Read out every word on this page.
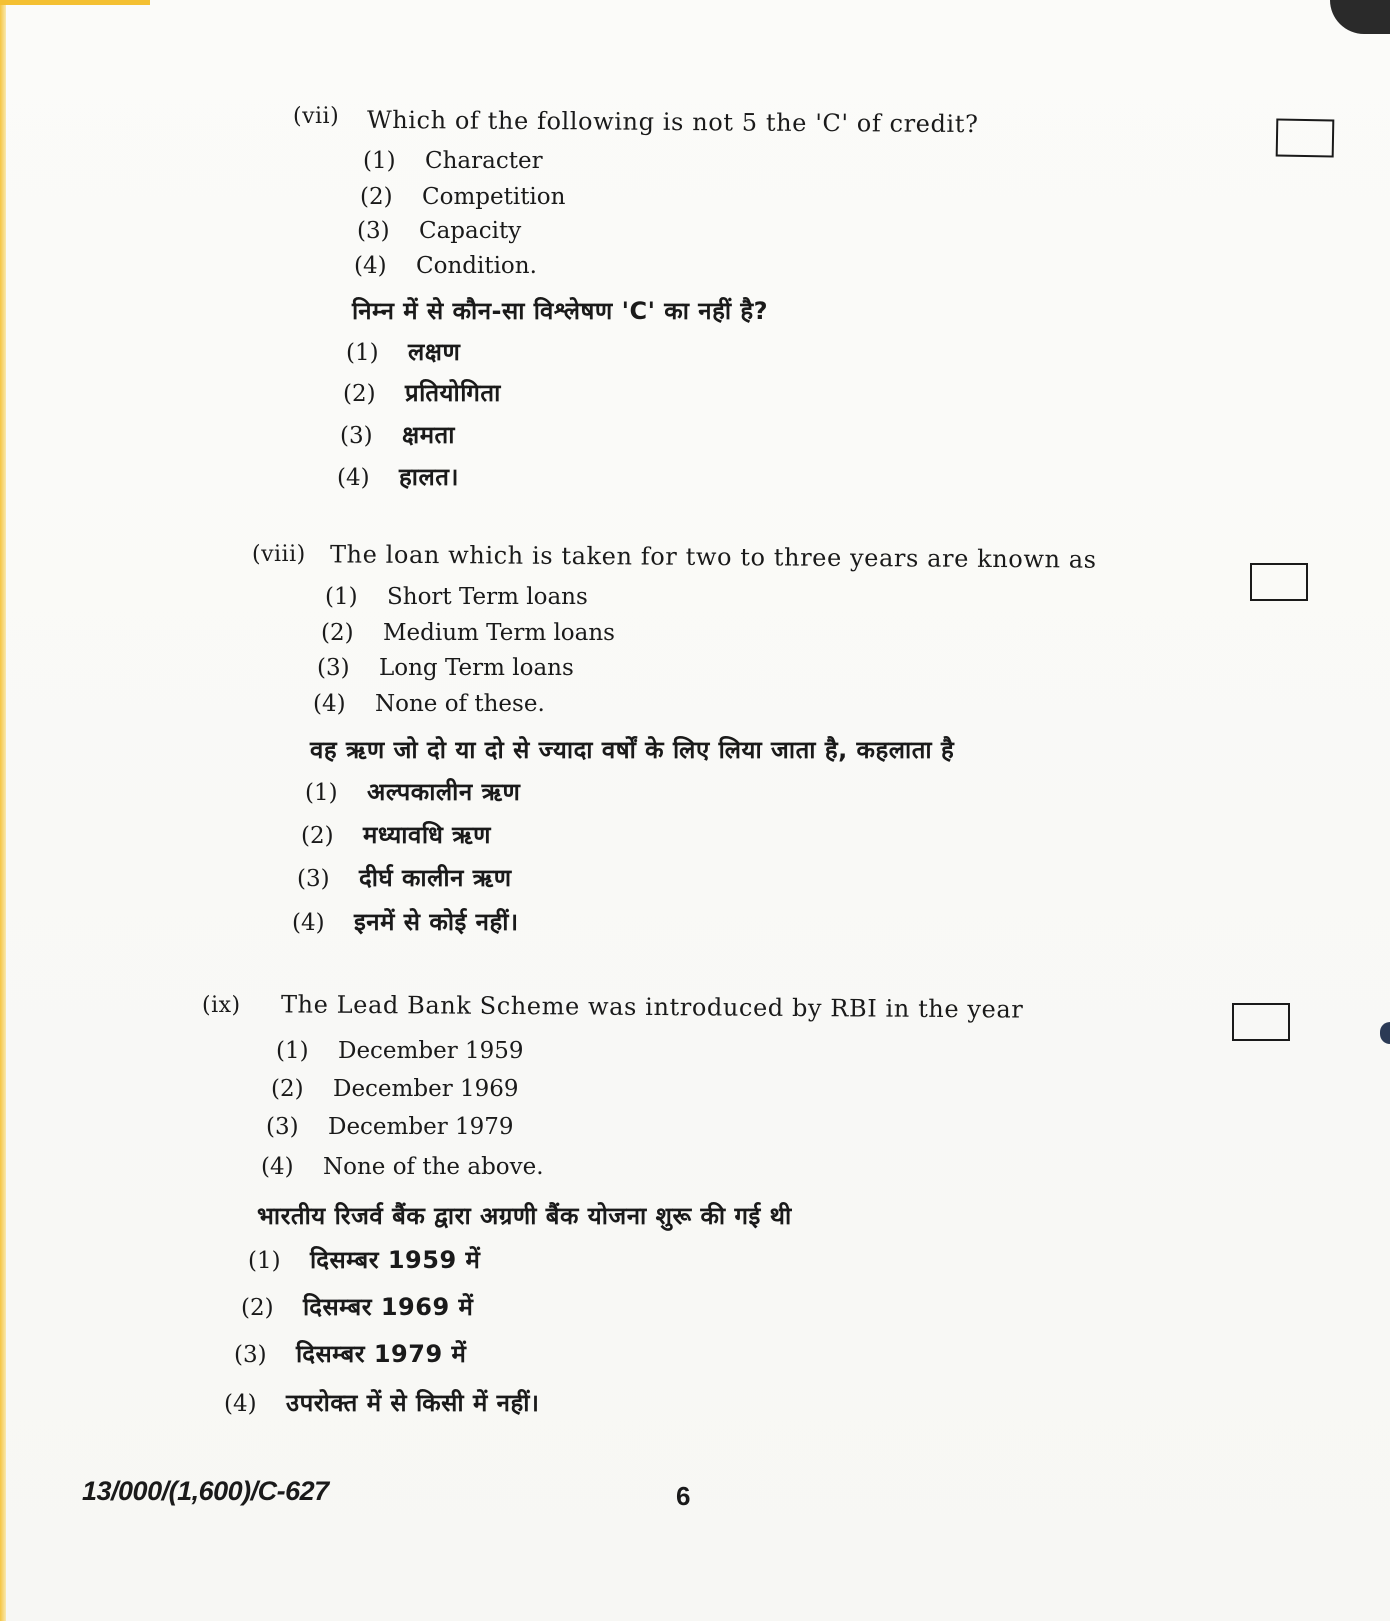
(vii) Which of the following is not 5 the 'C' of credit?
(1) Character
(2) Competition
(3) Capacity
(4) Condition.
निम्न में से कौन-सा विश्लेषण 'C' का नहीं है?
(1) लक्षण
(2) प्रतियोगिता
(3) क्षमता
(4) हालत।
(viii) The loan which is taken for two to three years are known as
(1) Short Term loans
(2) Medium Term loans
(3) Long Term loans
(4) None of these.
वह ऋण जो दो या दो से ज्यादा वर्षों के लिए लिया जाता है, कहलाता है
(1) अल्पकालीन ऋण
(2) मध्यावधि ऋण
(3) दीर्घ कालीन ऋण
(4) इनमें से कोई नहीं।
(ix) The Lead Bank Scheme was introduced by RBI in the year
(1) December 1959
(2) December 1969
(3) December 1979
(4) None of the above.
भारतीय रिजर्व बैंक द्वारा अग्रणी बैंक योजना शुरू की गई थी
(1) दिसम्बर 1959 में
(2) दिसम्बर 1969 में
(3) दिसम्बर 1979 में
(4) उपरोक्त में से किसी में नहीं।
13/000/(1,600)/C-627	6
